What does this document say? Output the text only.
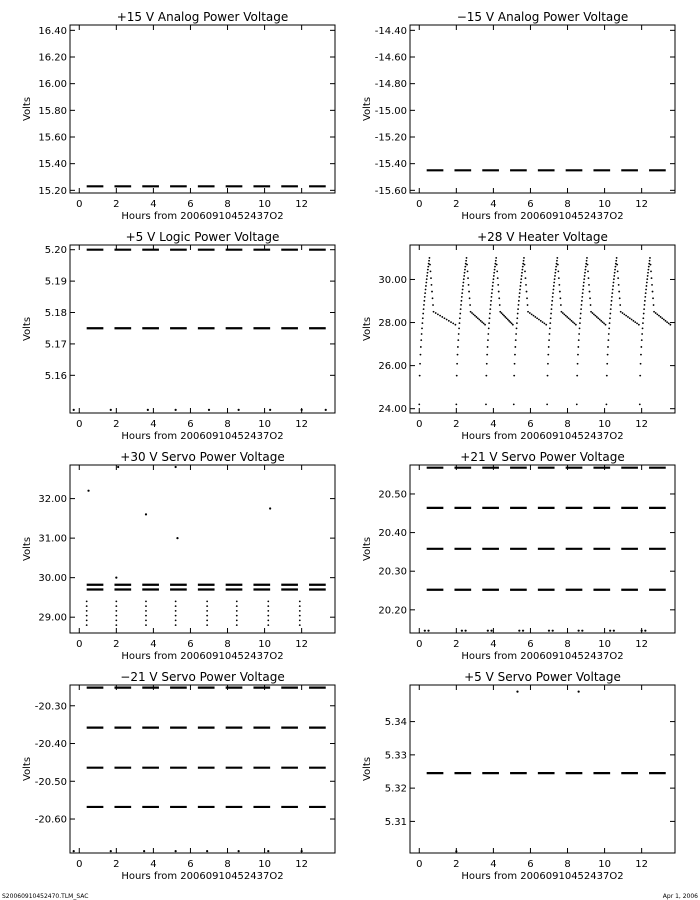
+15 V Analog Power Voltage
0	2	4	6	8	10 12
15.20
15.40
15.60
15.80
16.00
16.20
16.40
Hours from 20060910452437O2
Volts
−15 V Analog Power Voltage
0	2	4	6	8	10 12
-14.40
-14.60
-14.80
-15.00
-15.20
-15.40
-15.60
Hours from 20060910452437O2
Volts
+5 V Logic Power Voltage
0	2	4	6	8	10 12
5.16
5.17
5.18
5.19
5.20
Hours from 20060910452437O2
Volts
+28 V Heater Voltage
0	2	4	6	8	10 12
24.00
26.00
28.00
30.00
Hours from 20060910452437O2
Volts
+30 V Servo Power Voltage
0	2	4	6	8	10 12
29.00
30.00
31.00
32.00
Hours from 20060910452437O2
Volts
+21 V Servo Power Voltage
0	2	4	6	8	10 12
20.20
20.30
20.40
20.50
Hours from 20060910452437O2
Volts
−21 V Servo Power Voltage
0	2	4	6	8	10 12
-20.30
-20.40
-20.50
-20.60
Hours from 20060910452437O2
Volts
+5 V Servo Power Voltage
0	2	4	6	8	10 12
5.31
5.32
5.33
5.34
Hours from 20060910452437O2
Volts
S20060910452470.TLM_SAC	Apr 1, 2006
